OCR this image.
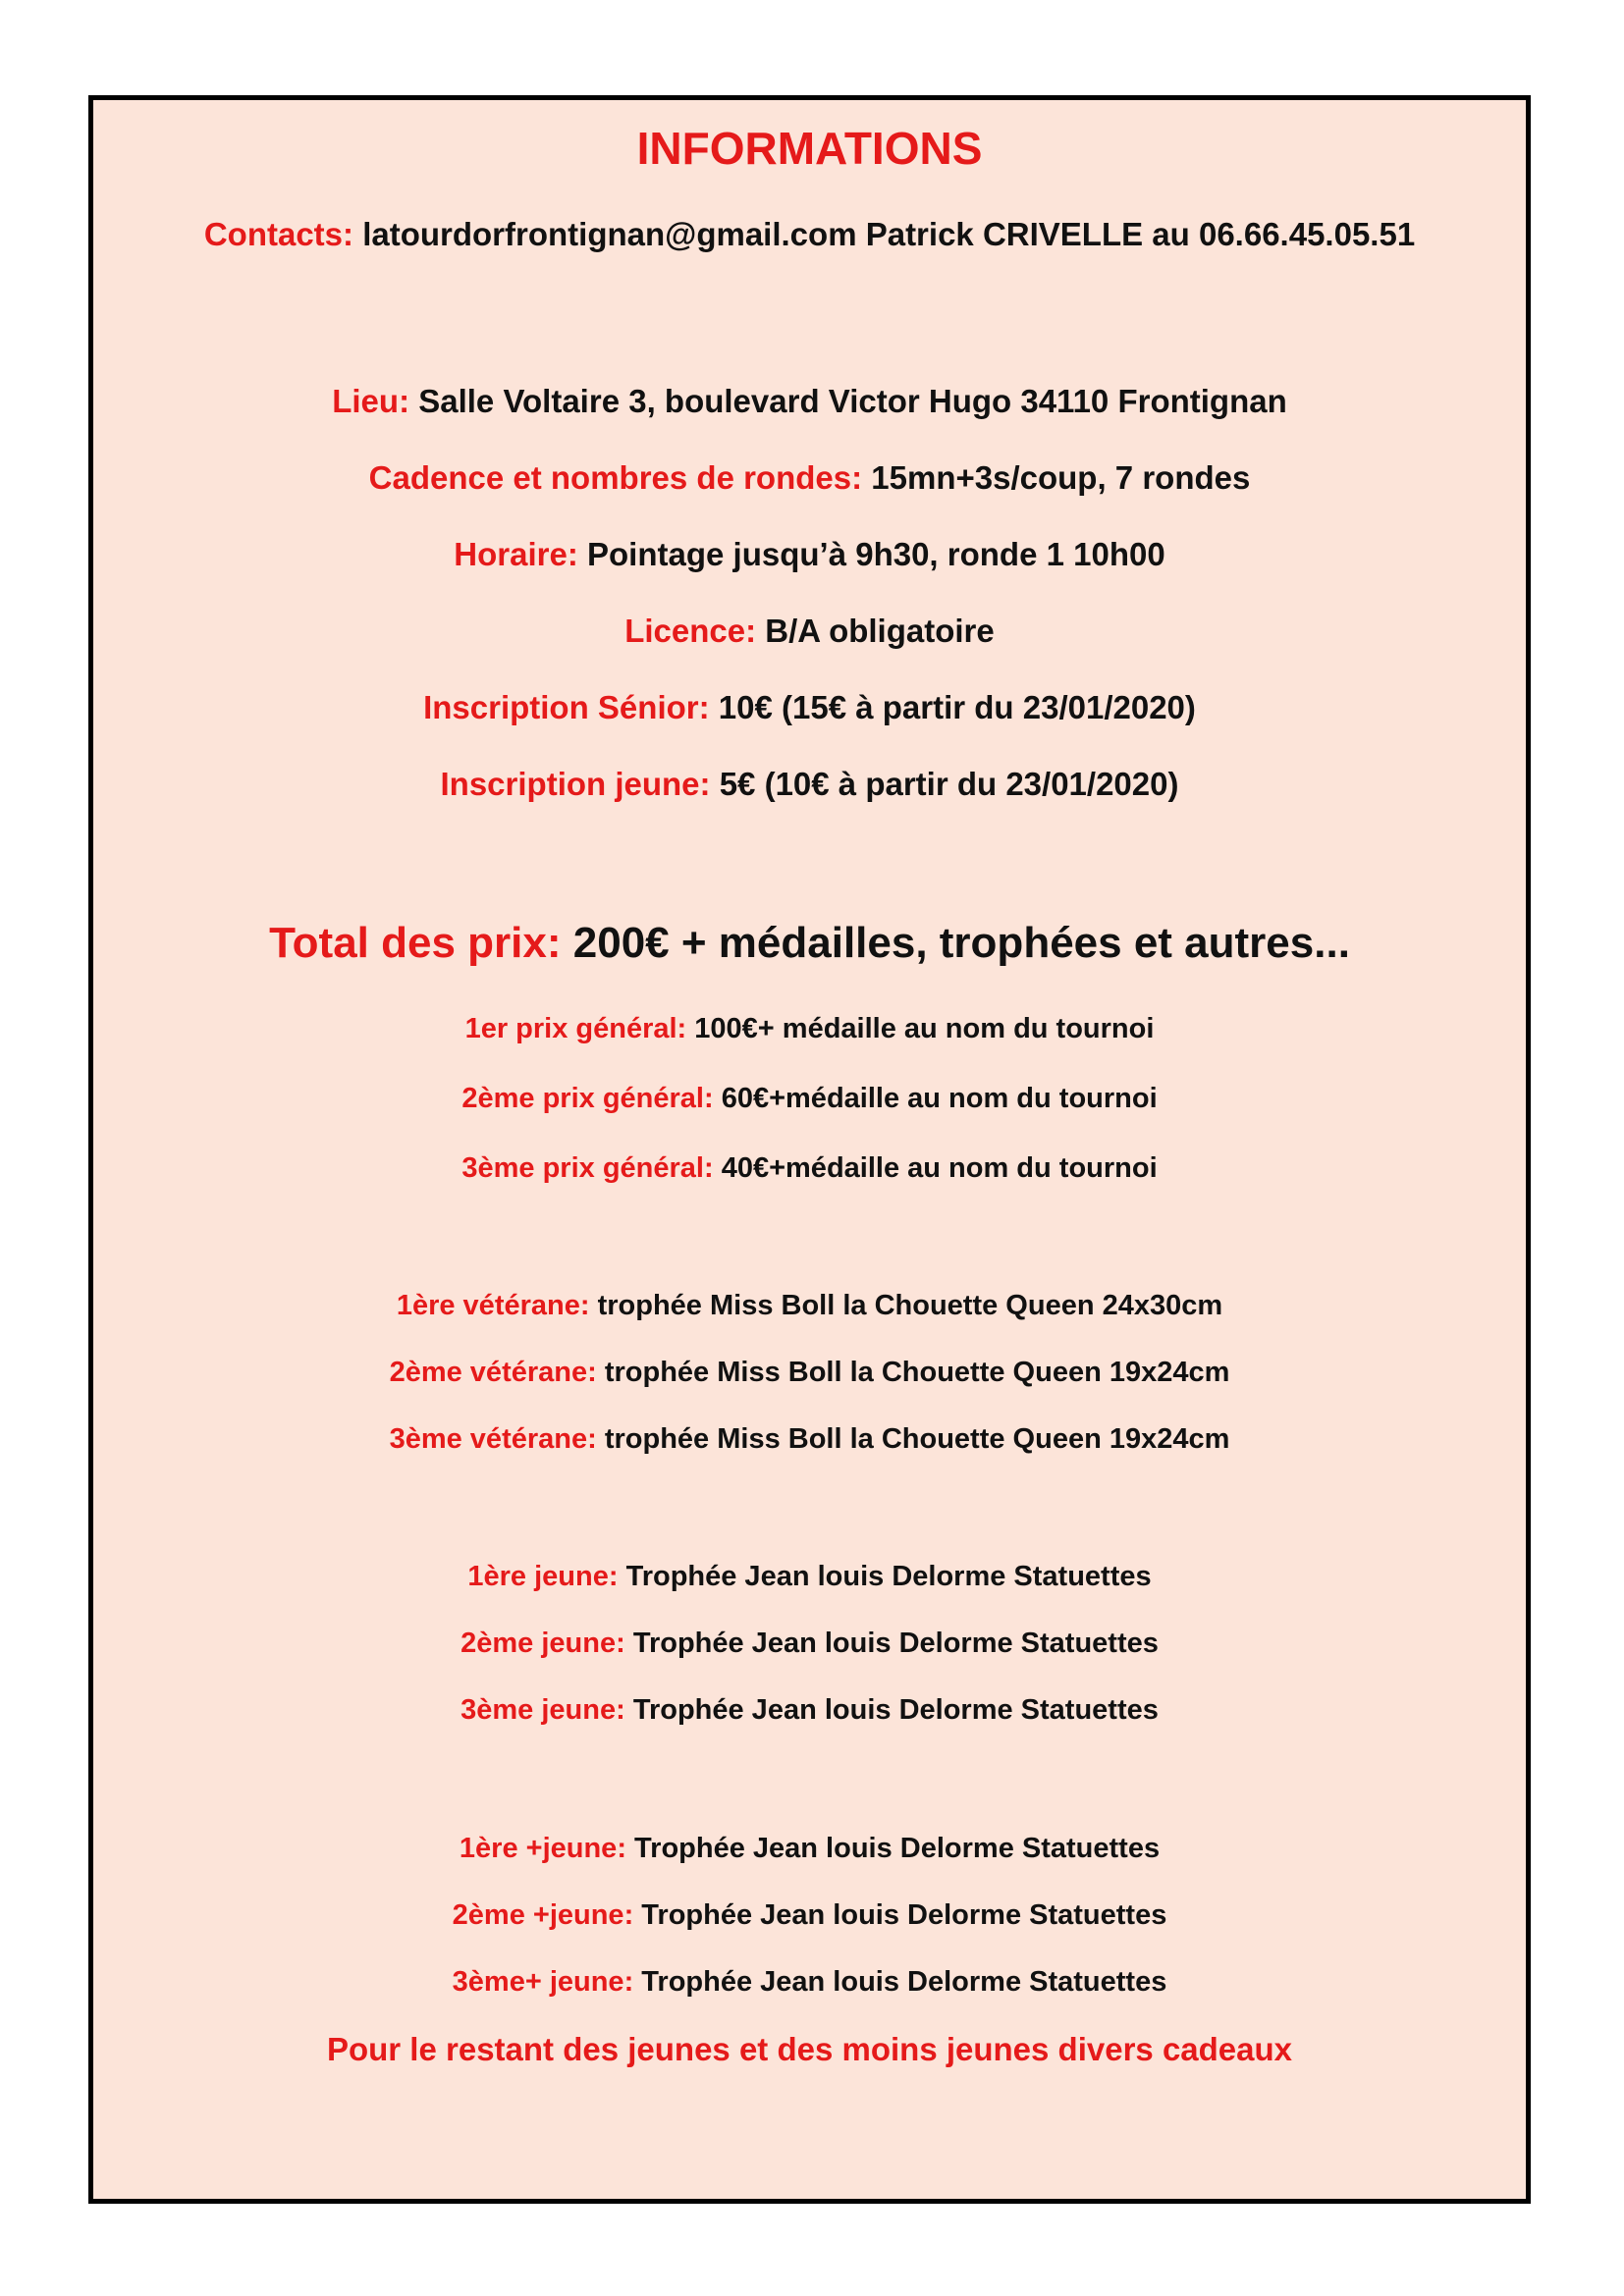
INFORMATIONS
Contacts: latourdorfrontignan@gmail.com Patrick CRIVELLE au 06.66.45.05.51
Lieu: Salle Voltaire 3, boulevard Victor Hugo 34110 Frontignan
Cadence et nombres de rondes: 15mn+3s/coup, 7 rondes
Horaire: Pointage jusqu’à 9h30, ronde 1 10h00
Licence: B/A obligatoire
Inscription Sénior: 10€ (15€ à partir du 23/01/2020)
Inscription jeune: 5€ (10€ à partir du 23/01/2020)
Total des prix: 200€ + médailles, trophées et autres...
1er prix général: 100€+ médaille au nom du tournoi
2ème prix général: 60€+médaille au nom du tournoi
3ème prix général: 40€+médaille au nom du tournoi
1ère vétérane: trophée Miss Boll la Chouette Queen 24x30cm
2ème vétérane: trophée Miss Boll la Chouette Queen 19x24cm
3ème vétérane: trophée Miss Boll la Chouette Queen 19x24cm
1ère jeune: Trophée Jean louis Delorme Statuettes
2ème jeune: Trophée Jean louis Delorme Statuettes
3ème jeune: Trophée Jean louis Delorme Statuettes
1ère +jeune: Trophée Jean louis Delorme Statuettes
2ème +jeune: Trophée Jean louis Delorme Statuettes
3ème+ jeune: Trophée Jean louis Delorme Statuettes
Pour le restant des jeunes et des moins jeunes divers cadeaux
